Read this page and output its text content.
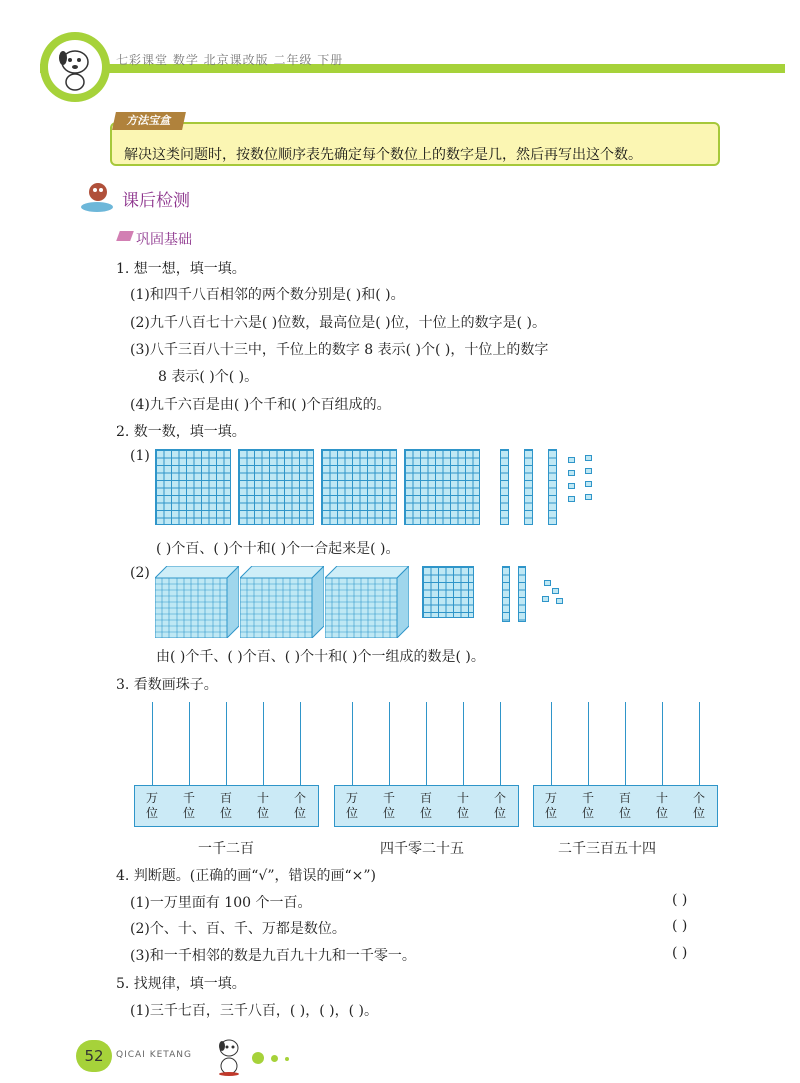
七彩课堂 数学 北京课改版 二年级 下册
方法宝盒
解决这类问题时，按数位顺序表先确定每个数位上的数字是几，然后再写出这个数。
课后检测
巩固基础
1. 想一想，填一填。
(1)和四千八百相邻的两个数分别是( )和( )。
(2)九千八百七十六是( )位数，最高位是( )位，十位上的数字是( )。
(3)八千三百八十三中，千位上的数字 8 表示( )个( )，十位上的数字
8 表示( )个( )。
(4)九千六百是由( )个千和( )个百组成的。
2. 数一数，填一填。
(1)
( )个百、( )个十和( )个一合起来是( )。
(2)
由( )个千、( )个百、( )个十和( )个一组成的数是( )。
3. 看数画珠子。
万
位
千
位
百
位
十
位
个
位
万
位
千
位
百
位
十
位
个
位
万
位
千
位
百
位
十
位
个
位
一千二百	四千零二十五	二千三百五十四
4. 判断题。(正确的画“√”，错误的画“×”)
(1)一万里面有 100 个一百。	( )
(2)个、十、百、千、万都是数位。	( )
(3)和一千相邻的数是九百九十九和一千零一。	( )
5. 找规律，填一填。
(1)三千七百，三千八百，( )，( )，( )。
52	QICAI KETANG
